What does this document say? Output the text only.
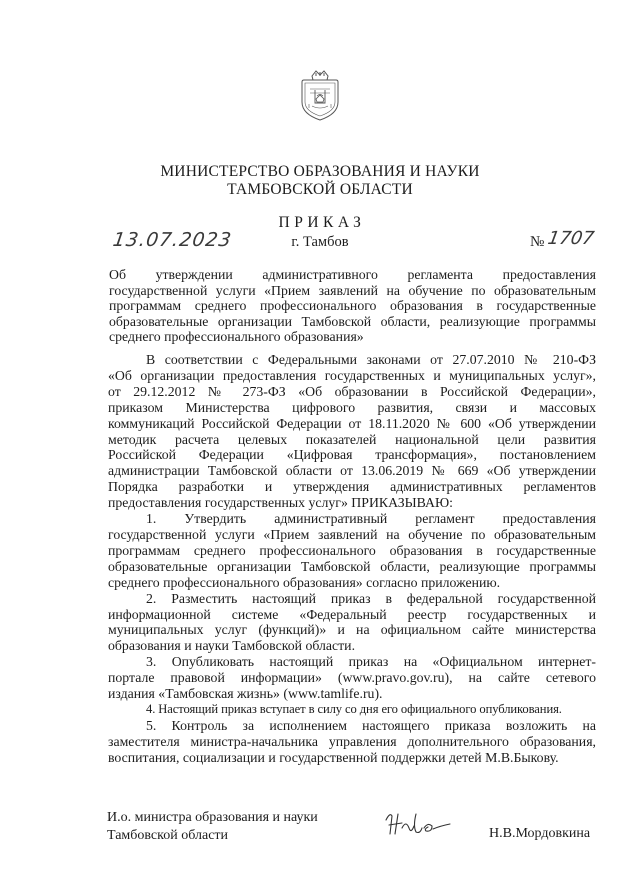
МИНИСТЕРСТВО ОБРАЗОВАНИЯ И НАУКИ
ТАМБОВСКОЙ ОБЛАСТИ
ПРИКАЗ
г. Тамбов
13.07.2023	№ 1707
Об утверждении административного регламента предоставления
государственной услуги «Прием заявлений на обучение по образовательным
программам среднего профессионального образования в государственные
образовательные организации Тамбовской области, реализующие программы
среднего профессионального образования»
В соответствии с Федеральными законами от 27.07.2010 № 210-ФЗ
«Об организации предоставления государственных и муниципальных услуг»,
от 29.12.2012 № 273-ФЗ «Об образовании в Российской Федерации»,
приказом Министерства цифрового развития, связи и массовых
коммуникаций Российской Федерации от 18.11.2020 № 600 «Об утверждении
методик расчета целевых показателей национальной цели развития
Российской Федерации «Цифровая трансформация», постановлением
администрации Тамбовской области от 13.06.2019 № 669 «Об утверждении
Порядка разработки и утверждения административных регламентов
предоставления государственных услуг» ПРИКАЗЫВАЮ:
1. Утвердить административный регламент предоставления
государственной услуги «Прием заявлений на обучение по образовательным
программам среднего профессионального образования в государственные
образовательные организации Тамбовской области, реализующие программы
среднего профессионального образования» согласно приложению.
2. Разместить настоящий приказ в федеральной государственной
информационной системе «Федеральный реестр государственных и
муниципальных услуг (функций)» и на официальном сайте министерства
образования и науки Тамбовской области.
3. Опубликовать настоящий приказ на «Официальном интернет-
портале правовой информации» (www.pravo.gov.ru), на сайте сетевого
издания «Тамбовская жизнь» (www.tamlife.ru).
4. Настоящий приказ вступает в силу со дня его официального опубликования.
5. Контроль за исполнением настоящего приказа возложить на
заместителя министра-начальника управления дополнительного образования,
воспитания, социализации и государственной поддержки детей М.В.Быкову.
И.о. министра образования и науки
Тамбовской области	Н.В.Мордовкина
